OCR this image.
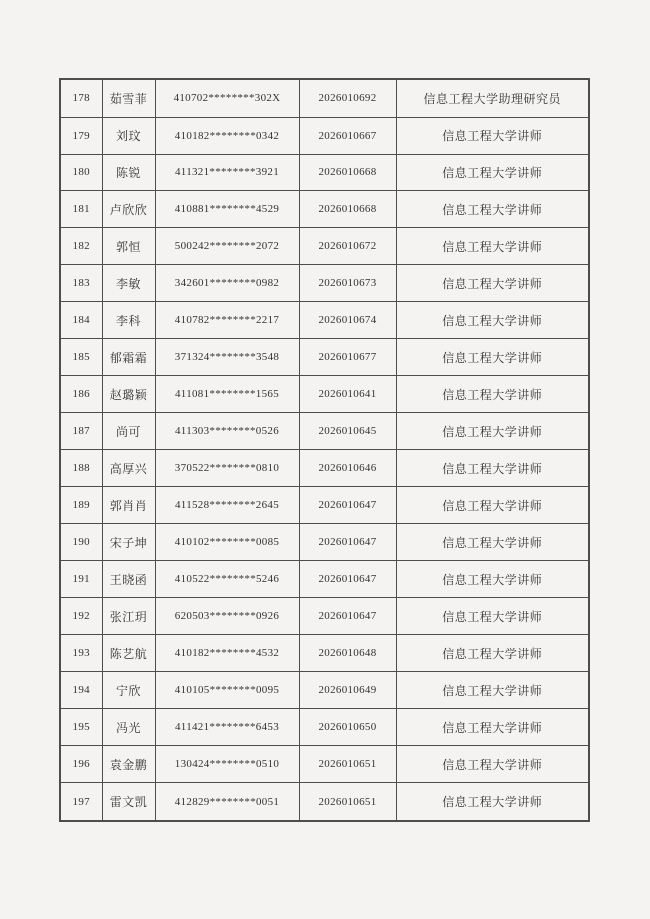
178	茹雪菲	410702********302X	2026010692	信息工程大学助理研究员
179	刘玟	410182********0342	2026010667	信息工程大学讲师
180	陈锐	411321********3921	2026010668	信息工程大学讲师
181	卢欣欣	410881********4529	2026010668	信息工程大学讲师
182	郭恒	500242********2072	2026010672	信息工程大学讲师
183	李敏	342601********0982	2026010673	信息工程大学讲师
184	李科	410782********2217	2026010674	信息工程大学讲师
185	郁霜霜	371324********3548	2026010677	信息工程大学讲师
186	赵璐颖	411081********1565	2026010641	信息工程大学讲师
187	尚可	411303********0526	2026010645	信息工程大学讲师
188	高厚兴	370522********0810	2026010646	信息工程大学讲师
189	郭肖肖	411528********2645	2026010647	信息工程大学讲师
190	宋子坤	410102********0085	2026010647	信息工程大学讲师
191	王晓函	410522********5246	2026010647	信息工程大学讲师
192	张江玥	620503********0926	2026010647	信息工程大学讲师
193	陈艺航	410182********4532	2026010648	信息工程大学讲师
194	宁欣	410105********0095	2026010649	信息工程大学讲师
195	冯光	411421********6453	2026010650	信息工程大学讲师
196	袁金鹏	130424********0510	2026010651	信息工程大学讲师
197	雷文凯	412829********0051	2026010651	信息工程大学讲师
